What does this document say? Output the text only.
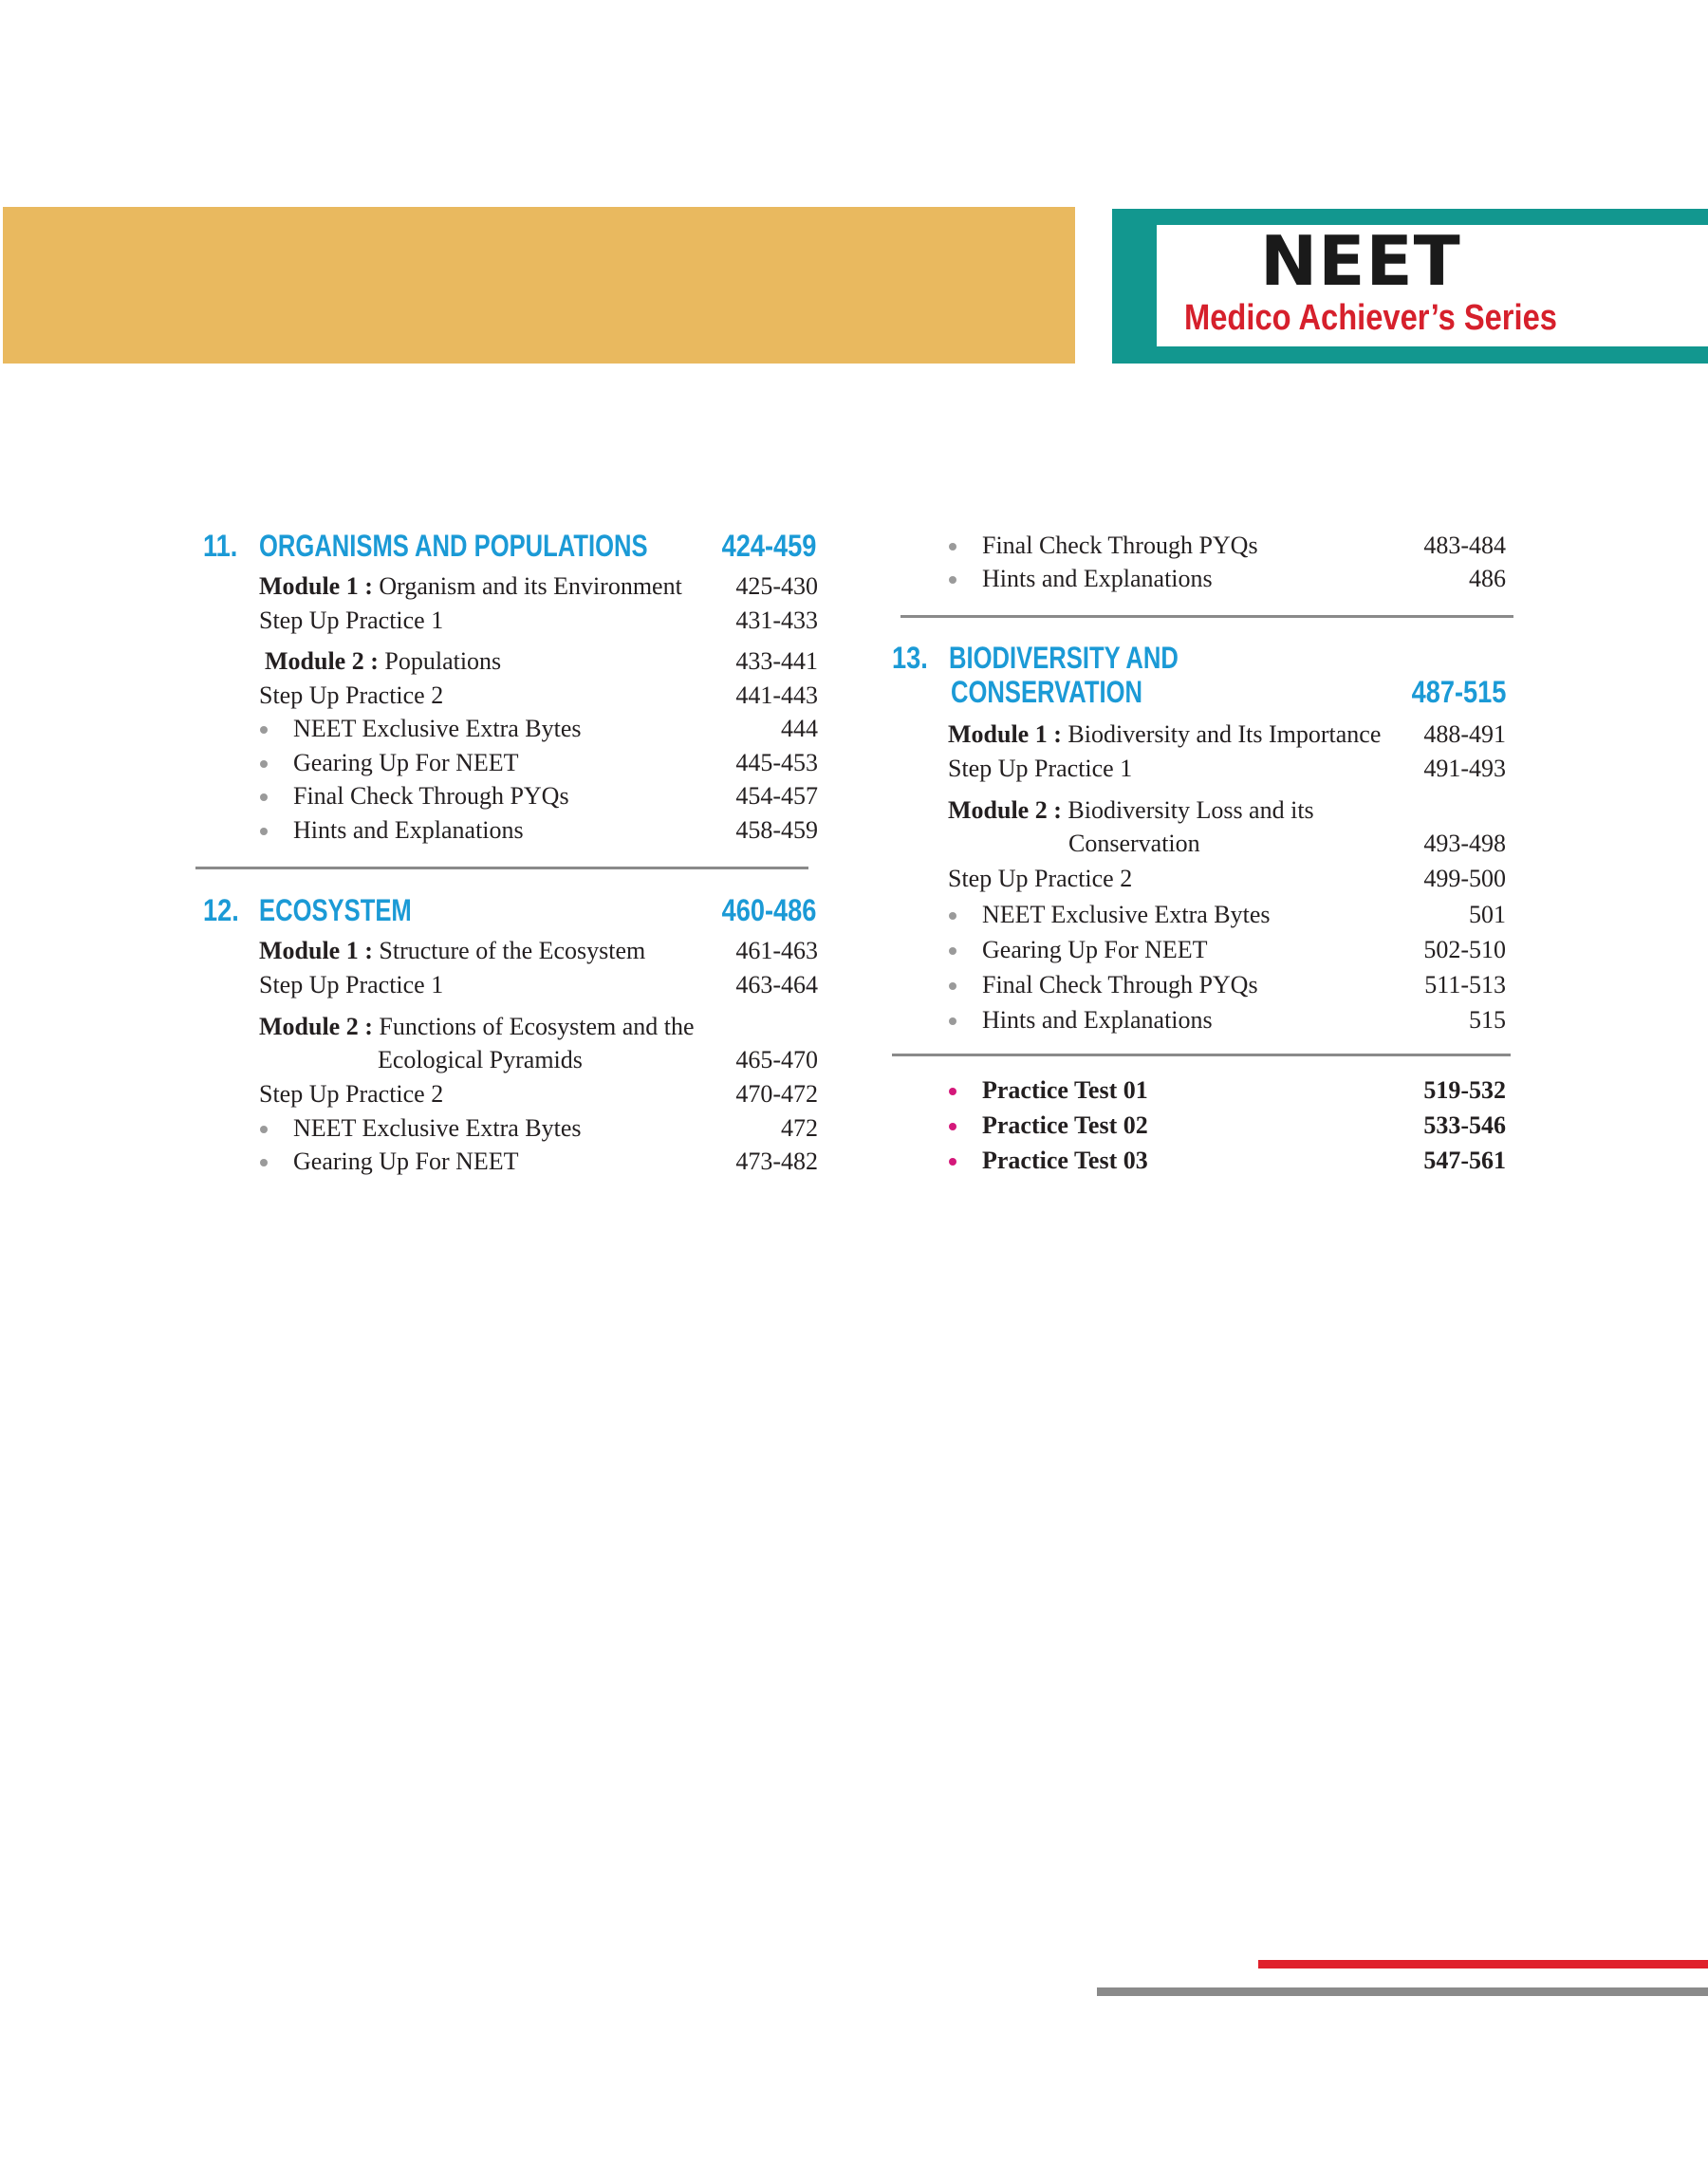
NEET
Medico Achiever’s Series
11. ORGANISMS AND POPULATIONS 424-459
Module 1 : Organism and its Environment 425-430
Step Up Practice 1	431-433
Module 2 : Populations	433-441
Step Up Practice 2	441-443
NEET Exclusive Extra Bytes	444
Gearing Up For NEET	445-453
Final Check Through PYQs	454-457
Hints and Explanations	458-459
12. ECOSYSTEM	460-486
Module 1 : Structure of the Ecosystem	461-463
Step Up Practice 1	463-464
Module 2 : Functions of Ecosystem and the
Ecological Pyramids	465-470
Step Up Practice 2	470-472
NEET Exclusive Extra Bytes	472
Gearing Up For NEET	473-482
Final Check Through PYQs	483-484
Hints and Explanations	486
13. BIODIVERSITY AND
CONSERVATION	487-515
Module 1 : Biodiversity and Its Importance 488-491
Step Up Practice 1	491-493
Module 2 : Biodiversity Loss and its
Conservation	493-498
Step Up Practice 2	499-500
NEET Exclusive Extra Bytes	501
Gearing Up For NEET	502-510
Final Check Through PYQs	511-513
Hints and Explanations	515
Practice Test 01	519-532
Practice Test 02	533-546
Practice Test 03	547-561
